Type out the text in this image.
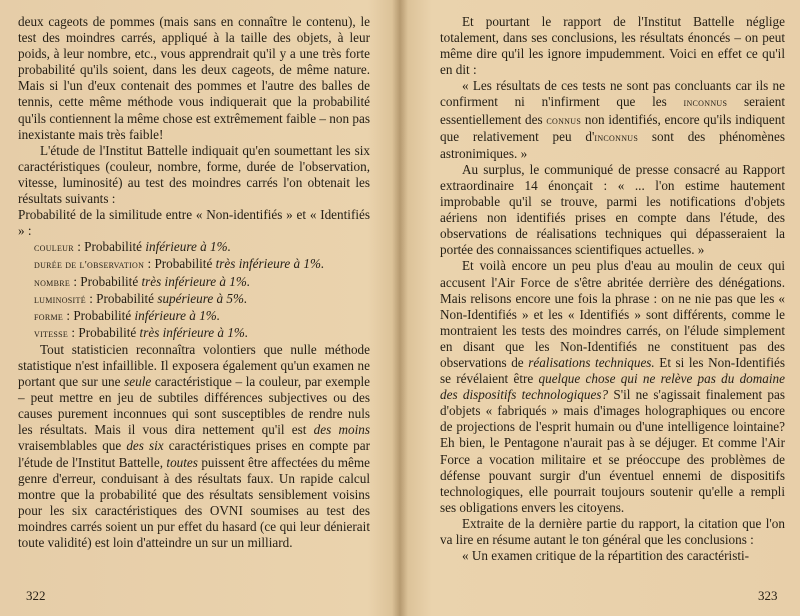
deux cageots de pommes (mais sans en connaître le contenu), le test des moindres carrés, appliqué à la taille des objets, à leur poids, à leur nombre, etc., vous apprendrait qu'il y a une très forte probabilité qu'ils soient, dans les deux cageots, de même nature. Mais si l'un d'eux contenait des pommes et l'autre des balles de tennis, cette même méthode vous indiquerait que la probabilité qu'ils contiennent la même chose est extrêmement faible – non pas inexistante mais très faible!

L'étude de l'Institut Battelle indiquait qu'en soumettant les six caractéristiques (couleur, nombre, forme, durée de l'observation, vitesse, luminosité) au test des moindres carrés l'on obtenait les résultats suivants :

Probabilité de la similitude entre « Non-identifiés » et « Identifiés » :

couleur : Probabilité inférieure à 1%.

durée de l'observation : Probabilité très inférieure à 1%.

nombre : Probabilité très inférieure à 1%.

luminosité : Probabilité supérieure à 5%.

forme : Probabilité inférieure à 1%.

vitesse : Probabilité très inférieure à 1%.

Tout statisticien reconnaîtra volontiers que nulle méthode statistique n'est infaillible. Il exposera également qu'un examen ne portant que sur une seule caractéristique – la couleur, par exemple – peut mettre en jeu de subtiles différences subjectives ou des causes purement inconnues qui sont susceptibles de rendre nuls les résultats. Mais il vous dira nettement qu'il est des moins vraisemblables que des six caractéristiques prises en compte par l'étude de l'Institut Battelle, toutes puissent être affectées du même genre d'erreur, conduisant à des résultats faux. Un rapide calcul montre que la probabilité que des résultats sensiblement voisins pour les six caractéristiques des OVNI soumises au test des moindres carrés soient un pur effet du hasard (ce qui leur dénierait toute validité) est loin d'atteindre un sur un milliard.

322

Et pourtant le rapport de l'Institut Battelle néglige totalement, dans ses conclusions, les résultats énoncés – on peut même dire qu'il les ignore impudemment. Voici en effet ce qu'il en dit :

« Les résultats de ces tests ne sont pas concluants car ils ne confirment ni n'infirment que les inconnus seraient essentiellement des connus non identifiés, encore qu'ils indiquent que relativement peu d'inconnus sont des phénomènes astronimiques. »

Au surplus, le communiqué de presse consacré au Rapport extraordinaire 14 énonçait : « ... l'on estime hautement improbable qu'il se trouve, parmi les notifications d'objets aériens non identifiés prises en compte dans l'étude, des observations de réalisations techniques qui dépasseraient la portée des connaissances scientifiques actuelles. »

Et voilà encore un peu plus d'eau au moulin de ceux qui accusent l'Air Force de s'être abritée derrière des dénégations. Mais relisons encore une fois la phrase : on ne nie pas que les « Non-Identifiés » et les « Identifiés » sont différents, comme le montraient les tests des moindres carrés, on l'élude simplement en disant que les Non-Identifiés ne constituent pas des observations de réalisations techniques. Et si les Non-Identifiés se révélaient être quelque chose qui ne relève pas du domaine des dispositifs technologiques? S'il ne s'agissait finalement pas d'objets « fabriqués » mais d'images holographiques ou encore de projections de l'esprit humain ou d'une intelligence lointaine? Eh bien, le Pentagone n'aurait pas à se déjuger. Et comme l'Air Force a vocation militaire et se préoccupe des problèmes de défense pouvant surgir d'un éventuel ennemi de dispositifs technologiques, elle pourrait toujours soutenir qu'elle a rempli ses obligations envers les citoyens.

Extraite de la dernière partie du rapport, la citation que l'on va lire en résume autant le ton général que les conclusions :

« Un examen critique de la répartition des caractéristi-

323
